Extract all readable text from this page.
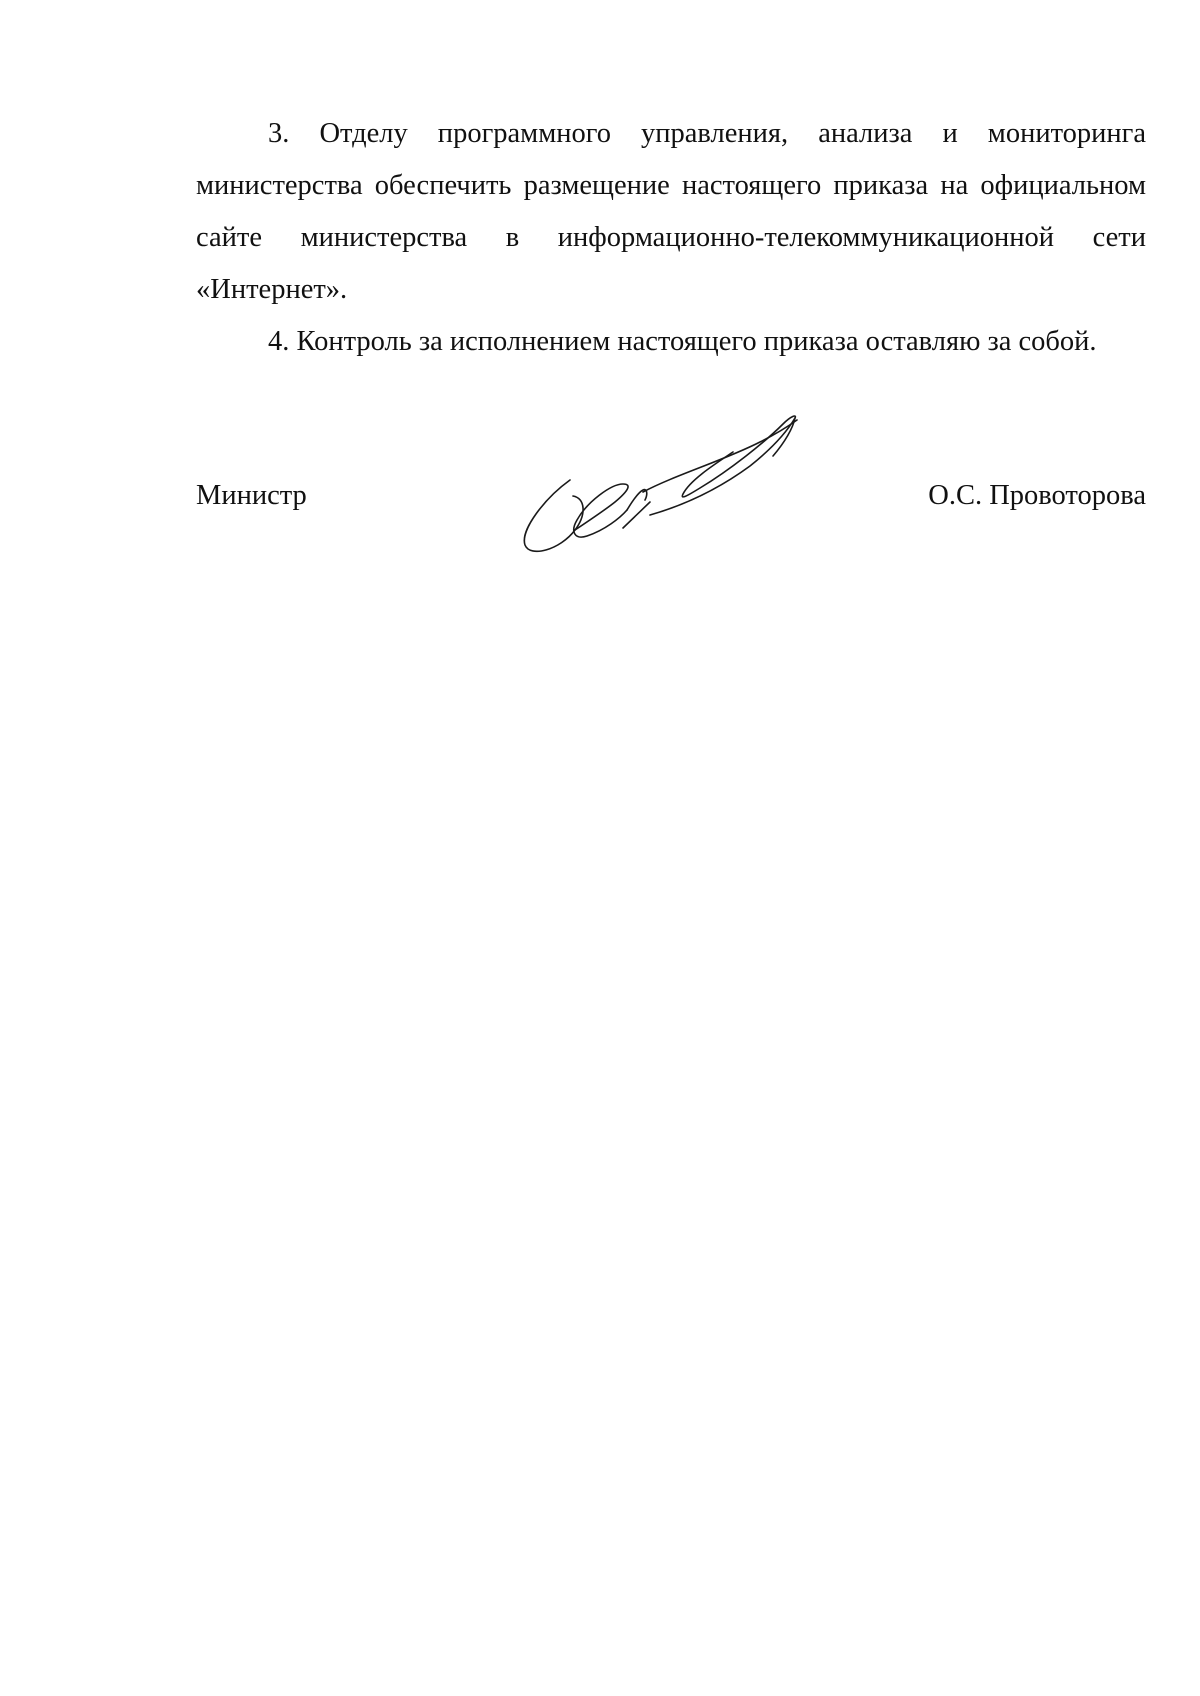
3. Отделу программного управления, анализа и мониторинга министерства обеспечить размещение настоящего приказа на официальном сайте министерства в информационно-телекоммуникационной сети «Интернет».

4. Контроль за исполнением настоящего приказа оставляю за собой.

Министр	О.С. Провоторова
